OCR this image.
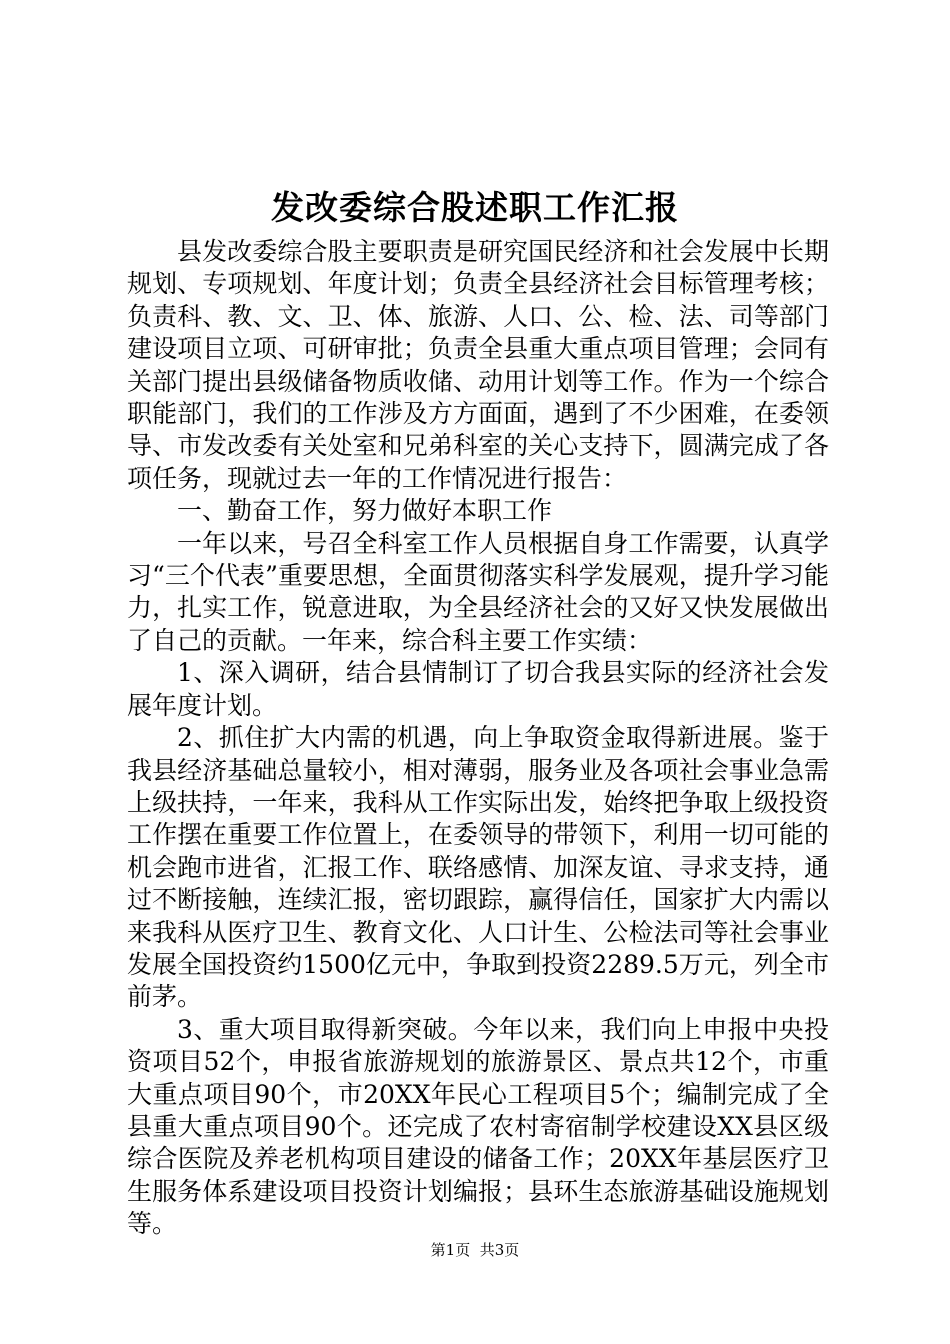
发改委综合股述职工作汇报

县发改委综合股主要职责是研究国民经济和社会发展中长期规划、专项规划、年度计划；负责全县经济社会目标管理考核；负责科、教、文、卫、体、旅游、人口、公、检、法、司等部门建设项目立项、可研审批；负责全县重大重点项目管理；会同有关部门提出县级储备物质收储、动用计划等工作。作为一个综合职能部门，我们的工作涉及方方面面，遇到了不少困难，在委领导、市发改委有关处室和兄弟科室的关心支持下，圆满完成了各项任务，现就过去一年的工作情况进行报告：

一、勤奋工作，努力做好本职工作

一年以来，号召全科室工作人员根据自身工作需要，认真学习“三个代表”重要思想，全面贯彻落实科学发展观，提升学习能力，扎实工作，锐意进取，为全县经济社会的又好又快发展做出了自己的贡献。一年来，综合科主要工作实绩：

1、深入调研，结合县情制订了切合我县实际的经济社会发展年度计划。

2、抓住扩大内需的机遇，向上争取资金取得新进展。鉴于我县经济基础总量较小，相对薄弱，服务业及各项社会事业急需上级扶持，一年来，我科从工作实际出发，始终把争取上级投资工作摆在重要工作位置上，在委领导的带领下，利用一切可能的机会跑市进省，汇报工作、联络感情、加深友谊、寻求支持，通过不断接触，连续汇报，密切跟踪，赢得信任，国家扩大内需以来我科从医疗卫生、教育文化、人口计生、公检法司等社会事业发展全国投资约1500亿元中，争取到投资2289.5万元，列全市前茅。

3、重大项目取得新突破。今年以来，我们向上申报中央投资项目52个，申报省旅游规划的旅游景区、景点共12个，市重大重点项目90个，市20XX年民心工程项目5个；编制完成了全县重大重点项目90个。还完成了农村寄宿制学校建设XX县区级综合医院及养老机构项目建设的储备工作；20XX年基层医疗卫生服务体系建设项目投资计划编报；县环生态旅游基础设施规划等。

第1页 共3页
